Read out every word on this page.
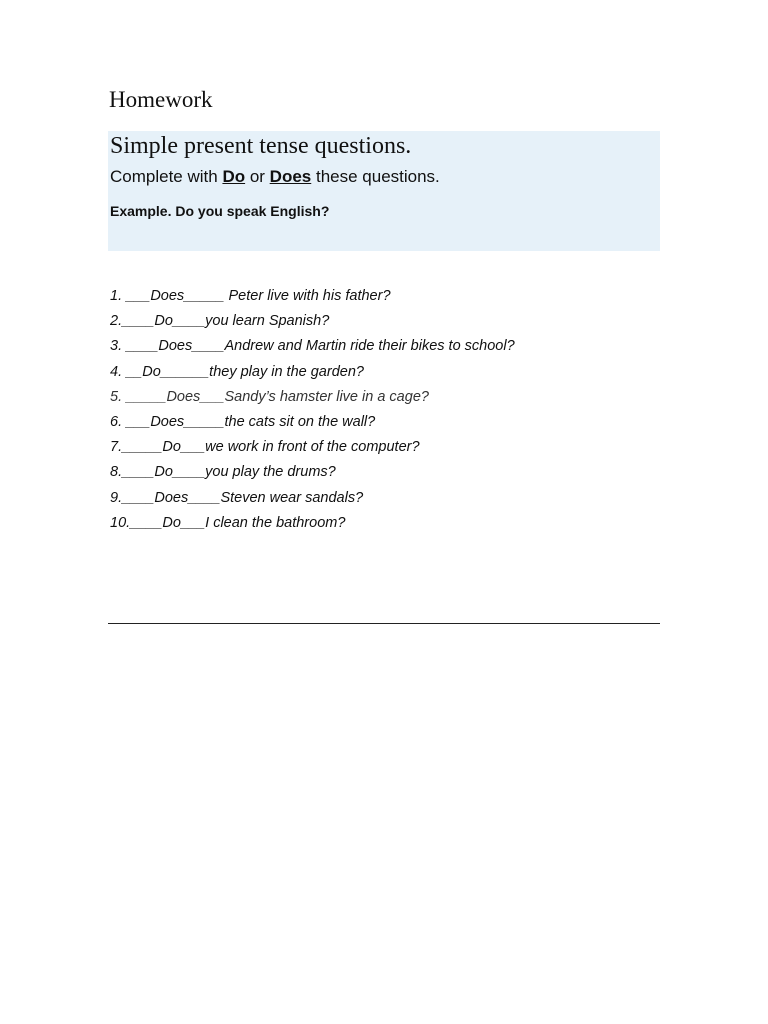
Homework
Simple present tense questions.
Complete with Do or Does these questions.
Example. Do you speak English?
1. ___Does_____ Peter live with his father?
2.____Do____you learn Spanish?
3. ____Does____Andrew and Martin ride their bikes to school?
4. __Do______they play in the garden?
5. _____Does___Sandy’s hamster live in a cage?
6. ___Does_____the cats sit on the wall?
7._____Do___we work in front of the computer?
8.____Do____you play the drums?
9.____Does____Steven wear sandals?
10.____Do___I clean the bathroom?
